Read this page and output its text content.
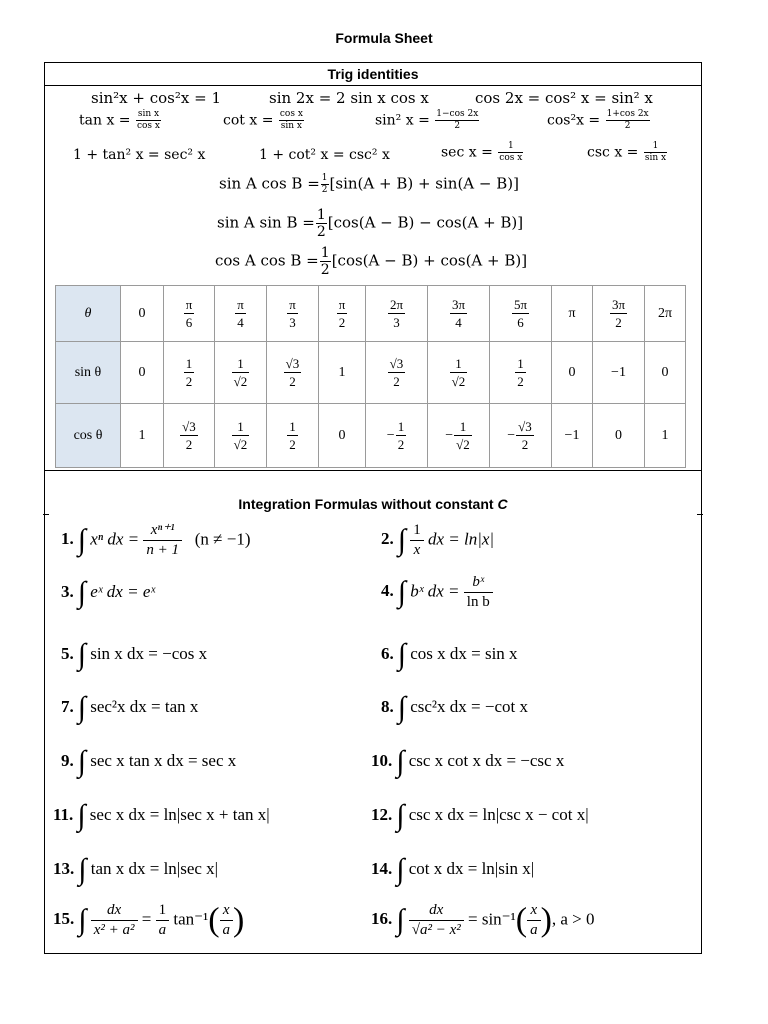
Formula Sheet
Trig identities
sin²x + cos²x = 1	sin 2x = 2 sin x cos x	cos 2x = cos² x = sin² x
$\tan x = \frac{\text{sin x}}{\text{cos x}}$	$\cot x = \frac{\text{cos x}}{\text{sin x}}$	sin² $x = \frac{1-\cos 2x}{2}$	$\cos^2x = \frac{1+\cos 2x}{2}$
1 + tan² x = sec² x	1 + cot² x = csc² x	$\sec x = \frac{1}{\text{cos x}}$	$\csc x = \frac{1}{\text{sin x}}$
sin A $\cos B = \frac{1}{2} [\sin(A + B) + \sin(A - B)]$
sin A $\sin B = \frac{1}{2} [\cos(A - B) - \cos(A + B)]$
cos A $\cos B = \frac{1}{2} [\cos(A - B) + \cos(A + B)]$
θ	0	$\frac{\pi}{6}$	$\frac{\pi}{4}$	$\frac{\pi}{3}$	$\frac{\pi}{2}$	$\frac{2\pi}{3}$	$\frac{3\pi}{4}$	$\frac{5\pi}{6}$	π	$\frac{3\pi}{2}$	2π
sin θ	0	$\frac{1}{2}$	$\frac{1}{√2}$	$\frac{√3}{2}$	1	$\frac{√3}{2}$	$\frac{1}{√2}$	$\frac{1}{2}$	0	−1	0
cos θ	1	$\frac{√3}{2}$	$\frac{1}{√2}$	$\frac{1}{2}$	0	− $\frac{1}{2}$	− $\frac{1}{√2}$	− $\frac{√3}{2}$	−1	0	1
Integration Formulas without constant C
1. ∫ xⁿ dx = $\frac{\text{xⁿ⁺¹}}{n + 1} (n \ne -1)$	2. ∫ $\frac{1}{x}$ dx = ln|x|
3. ∫ eˣ dx = eˣ	4. ∫ bˣ dx = $\frac{\text{bˣ}}{\text{ln b}}$
5. ∫ sin x dx = −cos x	6. ∫ cos x dx = sin x
7. ∫ sec²x dx = tan x	8. ∫ csc²x dx = −cot x
9. ∫ sec x tan x dx = sec x	10. ∫ csc x cot x dx = −csc x
11. ∫ sec x dx = ln|sec x + tan x|	12. ∫ csc x dx = ln|csc x − cot x|
13. ∫ tan x dx = ln|sec x|	14. ∫ cot x dx = ln|sin x|
15. ∫ $\frac{dx}{\text{x² + a²}} = \frac{1}{a} \tan^{-1}( \frac{x}{a}$ )	16. ∫ $\frac{dx}{\text{√a² − x²}} = \sin^{-1}( \frac{x}{a}$ ), a > 0
